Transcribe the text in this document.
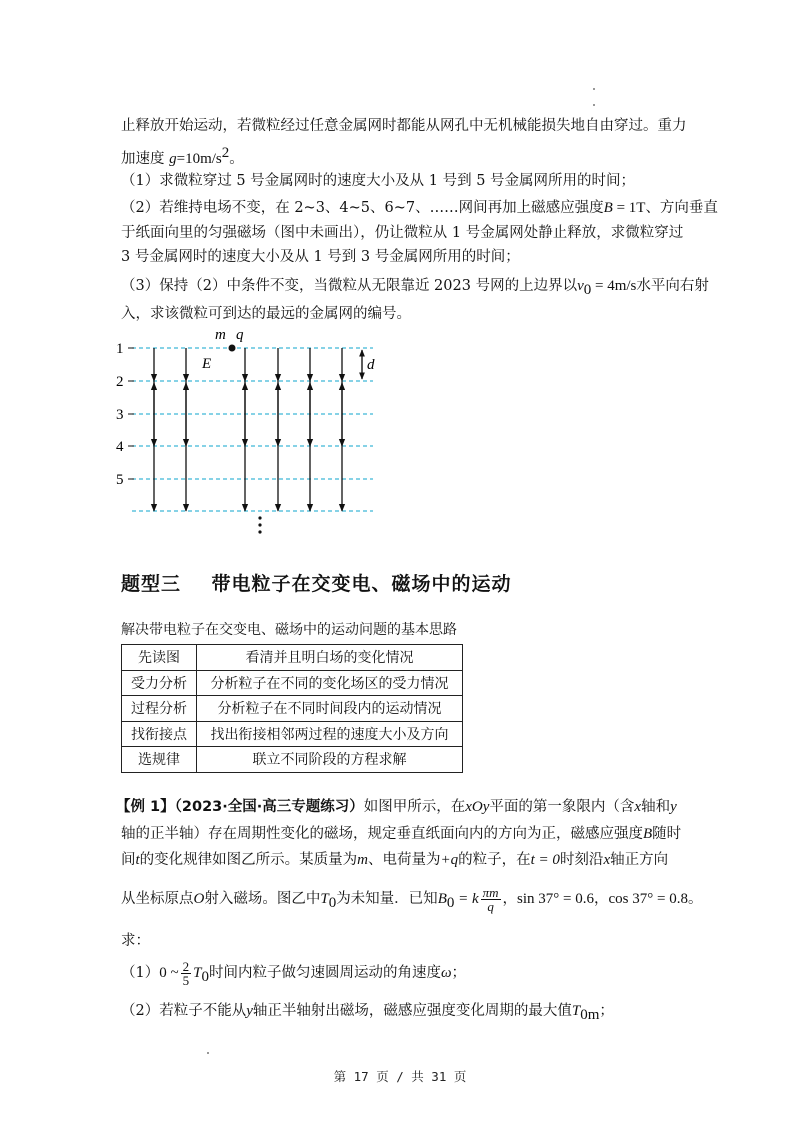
止释放开始运动，若微粒经过任意金属网时都能从网孔中无机械能损失地自由穿过。重力
加速度 $g=10m/s^2$。
（1）求微粒穿过 5 号金属网时的速度大小及从 1 号到 5 号金属网所用的时间；
（2）若维持电场不变，在 2~3、4~5、6~7、……网间再加上磁感应强度B = 1T、方向垂直
于纸面向里的匀强磁场（图中未画出），仍让微粒从 1 号金属网处静止释放，求微粒穿过
3 号金属网时的速度大小及从 1 号到 3 号金属网所用的时间；
（3）保持（2）中条件不变，当微粒从无限靠近 2023 号网的上边界以$v_0 = 4m/s$水平向右射
入，求该微粒可到达的最远的金属网的编号。
1
2
3
4
5
m q
E	d
⋮
题型三    带电粒子在交变电、磁场中的运动
解决带电粒子在交变电、磁场中的运动问题的基本思路
先读图	看清并且明白场的变化情况
受力分析	分析粒子在不同的变化场区的受力情况
过程分析	分析粒子在不同时间段内的运动情况
找衔接点	找出衔接相邻两过程的速度大小及方向
选规律	联立不同阶段的方程求解
【例 1】（2023·全国·高三专题练习）如图甲所示，在xOy平面的第一象限内（含x轴和y
轴的正半轴）存在周期性变化的磁场，规定垂直纸面向内的方向为正，磁感应强度B随时
间t的变化规律如图乙所示。某质量为m、电荷量为+q的粒子，在t = 0时刻沿x轴正方向
从坐标原点O射入磁场。图乙中$T_0$为未知量．已知$B_0 = k \frac{\pi m}{q}$ ，sin 37° = 0.6，cos 37° = 0.8。
求：
（1）0 ~ $\frac{2}{5} T_0$时间内粒子做匀速圆周运动的角速度ω；
（2）若粒子不能从y轴正半轴射出磁场，磁感应强度变化周期的最大值$T_{0m}$；
第 17 页 / 共 31 页
